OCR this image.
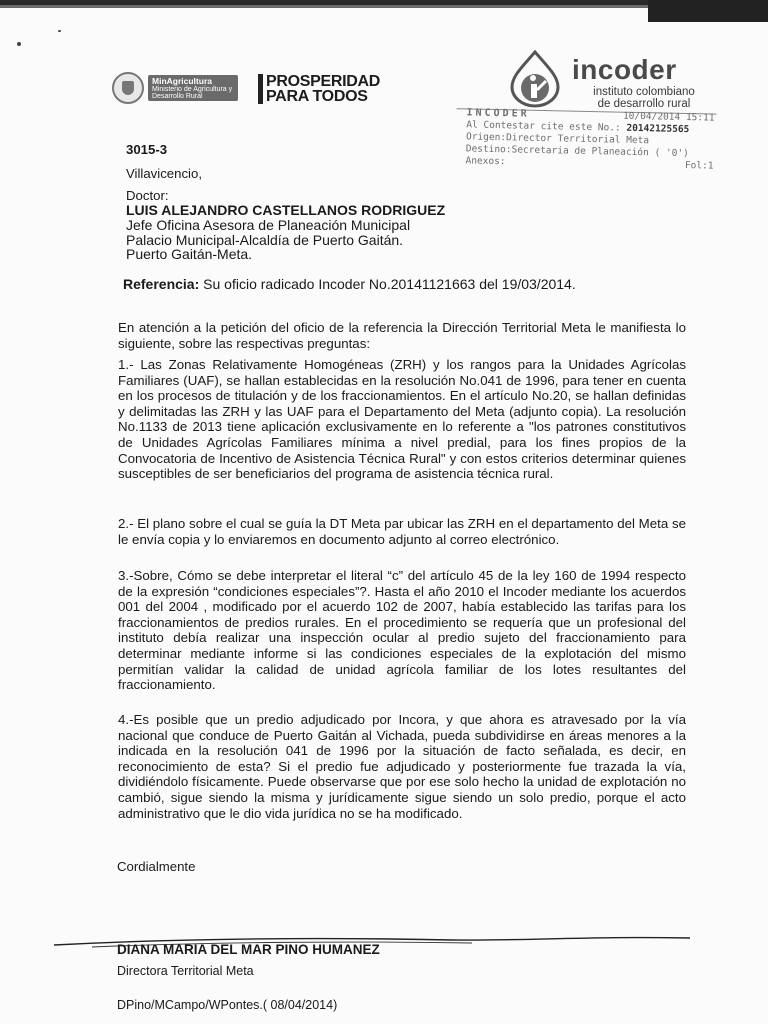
MinAgricultura
Ministerio de Agricultura y Desarrollo Rural
PROSPERIDAD
PARA TODOS
incoder
instituto colombiano
de desarrollo rural
INCODER	10/04/2014 15:11
Al Contestar cite este No.: 20142125565
Origen:Director Territorial Meta
Destino:Secretaria de Planeación ( '0')
Anexos:	Fol:1
3015-3
Villavicencio,
Doctor:
LUIS ALEJANDRO CASTELLANOS RODRIGUEZ
Jefe Oficina Asesora de Planeación Municipal
Palacio Municipal-Alcaldía de Puerto Gaitán.
Puerto Gaitán-Meta.
Referencia: Su oficio radicado Incoder No.20141121663 del 19/03/2014.
En atención a la petición del oficio de la referencia la Dirección Territorial Meta le manifiesta lo siguiente, sobre las respectivas preguntas:
1.- Las Zonas Relativamente Homogéneas (ZRH) y los rangos para la Unidades Agrícolas Familiares (UAF), se hallan establecidas en la resolución No.041 de 1996, para tener en cuenta en los procesos de titulación y de los fraccionamientos. En el artículo No.20, se hallan definidas y delimitadas las ZRH y las UAF para el Departamento del Meta (adjunto copia). La resolución No.1133 de 2013 tiene aplicación exclusivamente en lo referente a "los patrones constitutivos de Unidades Agrícolas Familiares mínima a nivel predial, para los fines propios de la Convocatoria de Incentivo de Asistencia Técnica Rural" y con estos criterios determinar quienes susceptibles de ser beneficiarios del programa de asistencia técnica rural.
2.- El plano sobre el cual se guía la DT Meta par ubicar las ZRH en el departamento del Meta se le envía copia y lo enviaremos en documento adjunto al correo electrónico.
3.-Sobre, Cómo se debe interpretar el literal “c” del artículo 45 de la ley 160 de 1994 respecto de la expresión “condiciones especiales”?. Hasta el año 2010 el Incoder mediante los acuerdos 001 del 2004 , modificado por el acuerdo 102 de 2007, había establecido las tarifas para los fraccionamientos de predios rurales. En el procedimiento se requería que un profesional del instituto debía realizar una inspección ocular al predio sujeto del fraccionamiento para determinar mediante informe si las condiciones especiales de la explotación del mismo permitían validar la calidad de unidad agrícola familiar de los lotes resultantes del fraccionamiento.
4.-Es posible que un predio adjudicado por Incora, y que ahora es atravesado por la vía nacional que conduce de Puerto Gaitán al Vichada, pueda subdividirse en áreas menores a la indicada en la resolución 041 de 1996 por la situación de facto señalada, es decir, en reconocimiento de esta? Si el predio fue adjudicado y posteriormente fue trazada la vía, dividiéndolo físicamente. Puede observarse que por ese solo hecho la unidad de explotación no cambió, sigue siendo la misma y jurídicamente sigue siendo un solo predio, porque el acto administrativo que le dio vida jurídica no se ha modificado.
Cordialmente
DIANA MARIA DEL MAR PINO HUMANEZ
Directora Territorial Meta
DPino/MCampo/WPontes.( 08/04/2014)
